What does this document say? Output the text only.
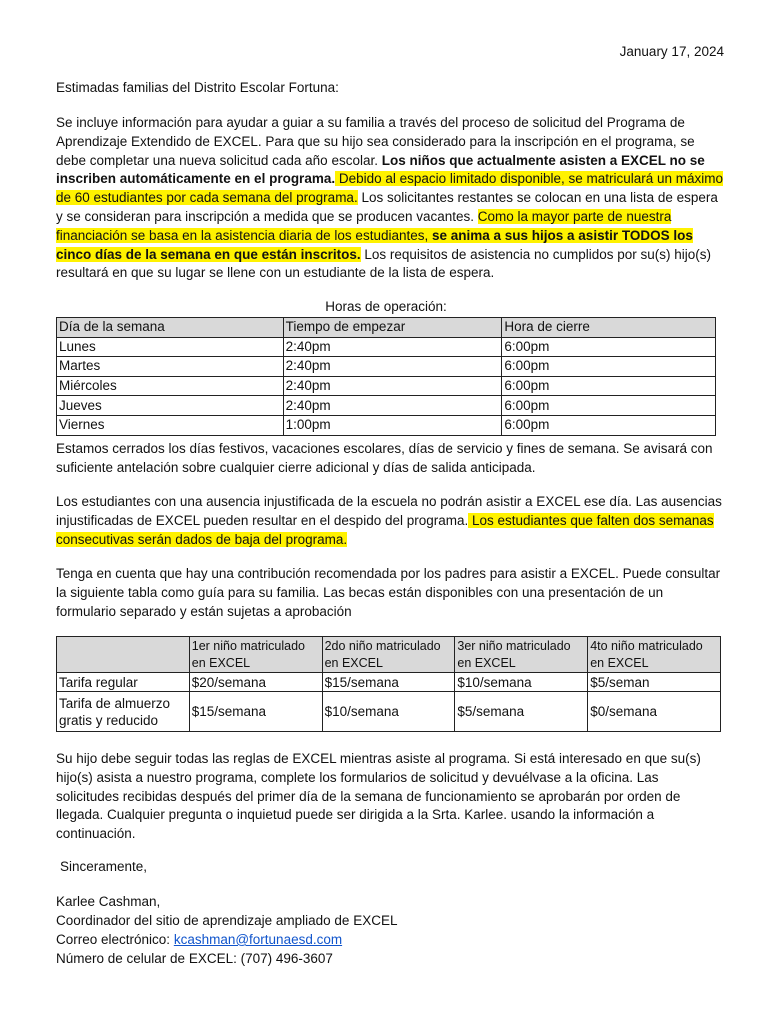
January 17, 2024
Estimadas familias del Distrito Escolar Fortuna:
Se incluye información para ayudar a guiar a su familia a través del proceso de solicitud del Programa de Aprendizaje Extendido de EXCEL. Para que su hijo sea considerado para la inscripción en el programa, se debe completar una nueva solicitud cada año escolar. Los niños que actualmente asisten a EXCEL no se inscriben automáticamente en el programa. Debido al espacio limitado disponible, se matriculará un máximo de 60 estudiantes por cada semana del programa. Los solicitantes restantes se colocan en una lista de espera y se consideran para inscripción a medida que se producen vacantes. Como la mayor parte de nuestra financiación se basa en la asistencia diaria de los estudiantes, se anima a sus hijos a asistir TODOS los cinco días de la semana en que están inscritos. Los requisitos de asistencia no cumplidos por su(s) hijo(s) resultará en que su lugar se llene con un estudiante de la lista de espera.
Horas de operación:
Día de la semana	Tiempo de empezar	Hora de cierre
Lunes	2:40pm	6:00pm
Martes	2:40pm	6:00pm
Miércoles	2:40pm	6:00pm
Jueves	2:40pm	6:00pm
Viernes	1:00pm	6:00pm
Estamos cerrados los días festivos, vacaciones escolares, días de servicio y fines de semana. Se avisará con suficiente antelación sobre cualquier cierre adicional y días de salida anticipada.
Los estudiantes con una ausencia injustificada de la escuela no podrán asistir a EXCEL ese día. Las ausencias injustificadas de EXCEL pueden resultar en el despido del programa. Los estudiantes que falten dos semanas consecutivas serán dados de baja del programa.
Tenga en cuenta que hay una contribución recomendada por los padres para asistir a EXCEL. Puede consultar la siguiente tabla como guía para su familia. Las becas están disponibles con una presentación de un formulario separado y están sujetas a aprobación
	1er niño matriculado en EXCEL	2do niño matriculado en EXCEL	3er niño matriculado en EXCEL	4to niño matriculado en EXCEL
Tarifa regular	$20/semana	$15/semana	$10/semana	$5/seman
Tarifa de almuerzo gratis y reducido	$15/semana	$10/semana	$5/semana	$0/semana
Su hijo debe seguir todas las reglas de EXCEL mientras asiste al programa. Si está interesado en que su(s) hijo(s) asista a nuestro programa, complete los formularios de solicitud y devuélvase a la oficina. Las solicitudes recibidas después del primer día de la semana de funcionamiento se aprobarán por orden de llegada. Cualquier pregunta o inquietud puede ser dirigida a la Srta. Karlee. usando la información a continuación.
Sinceramente,
Karlee Cashman,
Coordinador del sitio de aprendizaje ampliado de EXCEL
Correo electrónico: kcashman@fortunaesd.com
Número de celular de EXCEL: (707) 496-3607
